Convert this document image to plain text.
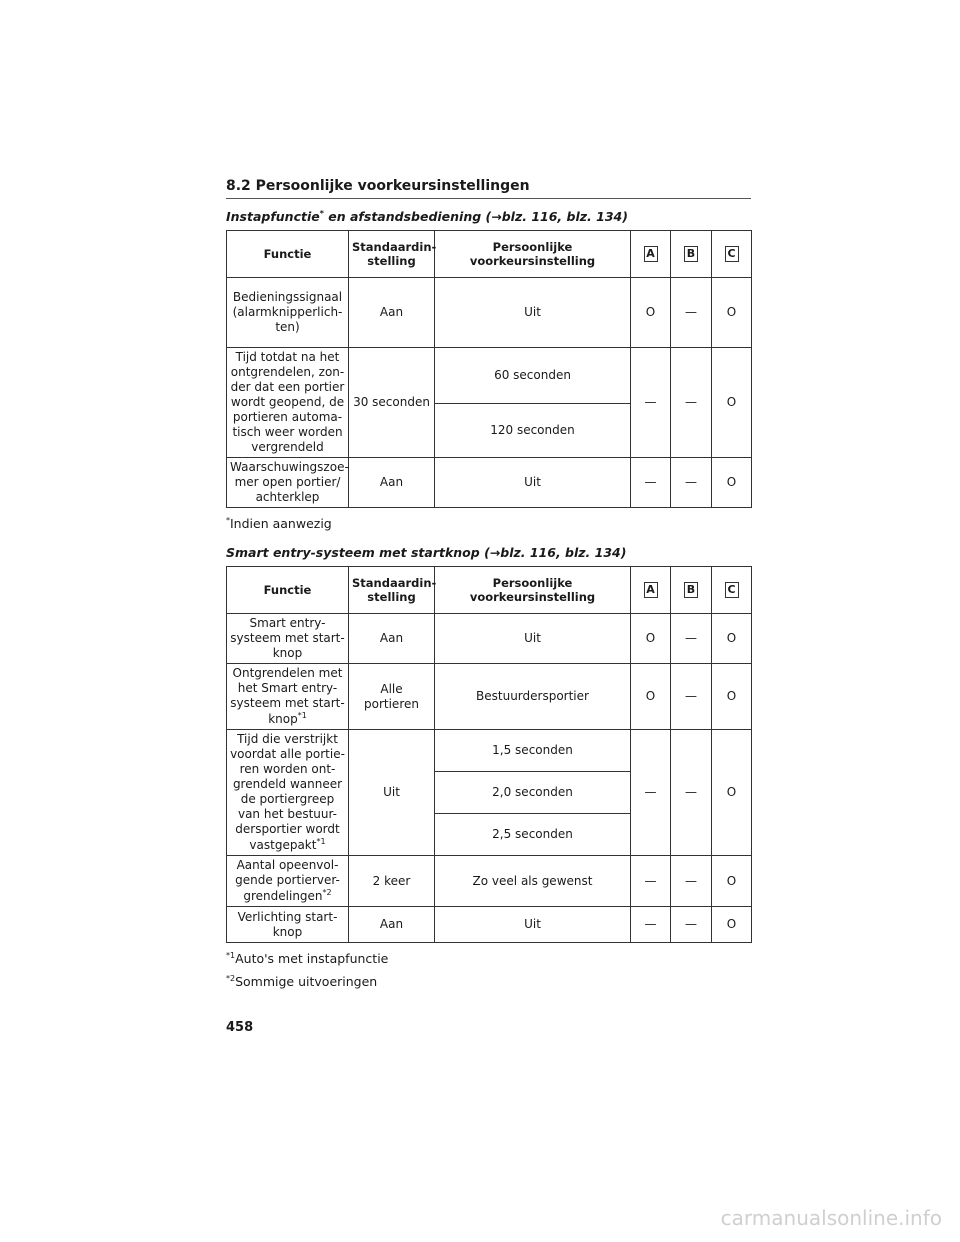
8.2 Persoonlijke voorkeursinstellingen
Instapfunctie* en afstandsbediening (→blz. 116, blz. 134)
Functie	Standaardin-stelling	Persoonlijke voorkeursinstelling	A	B	C
Bedieningssignaal (alarmknipperlich-ten)	Aan	Uit	O	—	O
Tijd totdat na het ontgrendelen, zon-der dat een portier wordt geopend, de portieren automa-tisch weer worden vergrendeld	30 seconden	60 seconden	—	—	O
		120 seconden			
Waarschuwingszoe-mer open portier/ achterklep	Aan	Uit	—	—	O
*Indien aanwezig
Smart entry-systeem met startknop (→blz. 116, blz. 134)
Functie	Standaardin-stelling	Persoonlijke voorkeursinstelling	A	B	C
Smart entry-systeem met start-knop	Aan	Uit	O	—	O
Ontgrendelen met het Smart entry-systeem met start-knop$^{*1}$	Alle portieren	Bestuurdersportier	O	—	O
Tijd die verstrijkt voordat alle portie-ren worden ont-grendeld wanneer de portiergreep van het bestuur-dersportier wordt vastgepakt$^{*1}$	Uit	1,5 seconden	—	—	O
		2,0 seconden			
		2,5 seconden			
Aantal opeenvol-gende portierver-grendelingen$^{*2}$	2 keer	Zo veel als gewenst	—	—	O
Verlichting start-knop	Aan	Uit	—	—	O
$^{*1}$Auto's met instapfunctie
$^{*2}$Sommige uitvoeringen
458
carmanualsonline.info
